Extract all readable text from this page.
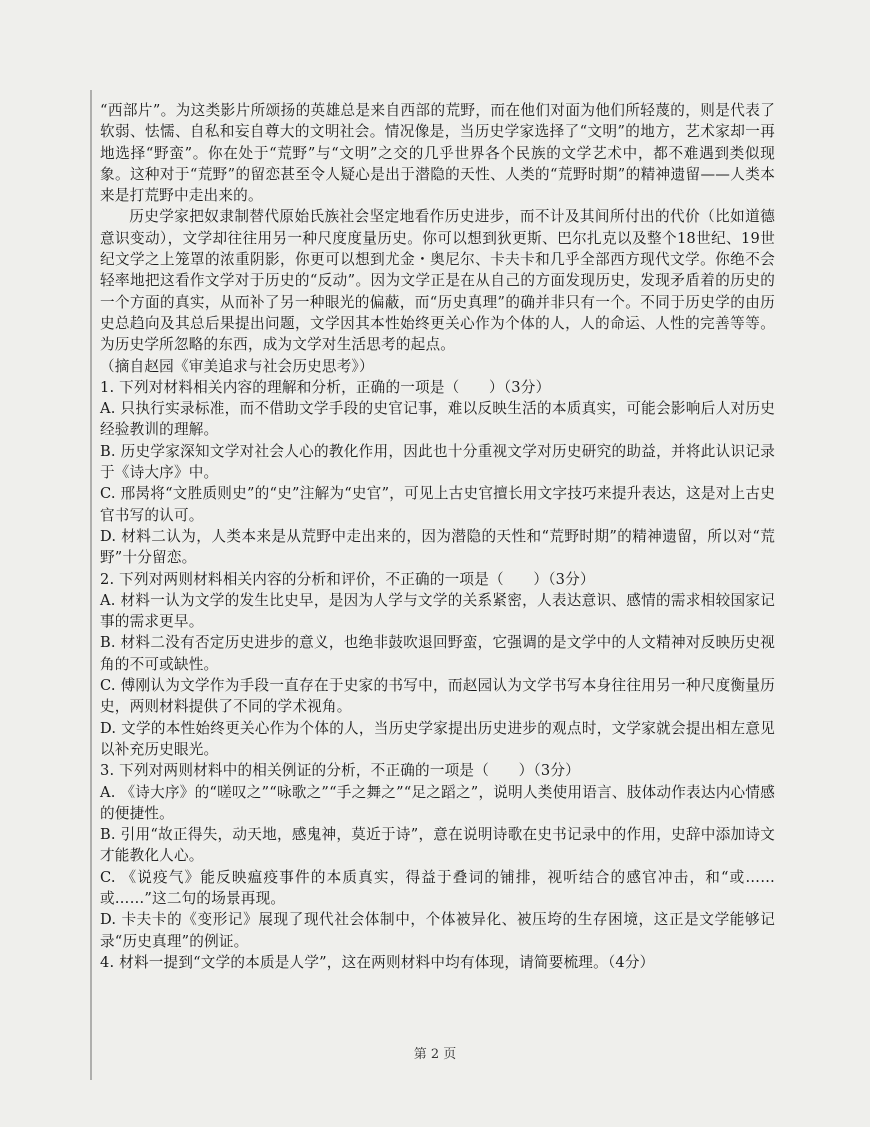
“西部片”。为这类影片所颂扬的英雄总是来自西部的荒野，而在他们对面为他们所轻蔑的，则是代表了软弱、怯懦、自私和妄自尊大的文明社会。情况像是，当历史学家选择了“文明”的地方，艺术家却一再地选择“野蛮”。你在处于“荒野”与“文明”之交的几乎世界各个民族的文学艺术中，都不难遇到类似现象。这种对于“荒野”的留恋甚至令人疑心是出于潜隐的天性、人类的“荒野时期”的精神遗留——人类本来是打荒野中走出来的。

历史学家把奴隶制替代原始氏族社会坚定地看作历史进步，而不计及其间所付出的代价（比如道德意识变动），文学却往往用另一种尺度度量历史。你可以想到狄更斯、巴尔扎克以及整个18世纪、19世纪文学之上笼罩的浓重阴影，你更可以想到尤金・奥尼尔、卡夫卡和几乎全部西方现代文学。你绝不会轻率地把这看作文学对于历史的“反动”。因为文学正是在从自己的方面发现历史，发现矛盾着的历史的一个方面的真实，从而补了另一种眼光的偏蔽，而“历史真理”的确并非只有一个。不同于历史学的由历史总趋向及其总后果提出问题，文学因其本性始终更关心作为个体的人，人的命运、人性的完善等等。为历史学所忽略的东西，成为文学对生活思考的起点。

（摘自赵园《审美追求与社会历史思考》）

1. 下列对材料相关内容的理解和分析，正确的一项是（　　）（3分）

A. 只执行实录标准，而不借助文学手段的史官记事，难以反映生活的本质真实，可能会影响后人对历史经验教训的理解。

B. 历史学家深知文学对社会人心的教化作用，因此也十分重视文学对历史研究的助益，并将此认识记录于《诗大序》中。

C. 邢昺将“文胜质则史”的“史”注解为“史官”，可见上古史官擅长用文字技巧来提升表达，这是对上古史官书写的认可。

D. 材料二认为，人类本来是从荒野中走出来的，因为潜隐的天性和“荒野时期”的精神遗留，所以对“荒野”十分留恋。

2. 下列对两则材料相关内容的分析和评价，不正确的一项是（　　）（3分）

A. 材料一认为文学的发生比史早，是因为人学与文学的关系紧密，人表达意识、感情的需求相较国家记事的需求更早。

B. 材料二没有否定历史进步的意义，也绝非鼓吹退回野蛮，它强调的是文学中的人文精神对反映历史视角的不可或缺性。

C. 傅刚认为文学作为手段一直存在于史家的书写中，而赵园认为文学书写本身往往用另一种尺度衡量历史，两则材料提供了不同的学术视角。

D. 文学的本性始终更关心作为个体的人，当历史学家提出历史进步的观点时，文学家就会提出相左意见以补充历史眼光。

3. 下列对两则材料中的相关例证的分析，不正确的一项是（　　）（3分）

A. 《诗大序》的“嗟叹之”“咏歌之”“手之舞之”“足之蹈之”，说明人类使用语言、肢体动作表达内心情感的便捷性。

B. 引用“故正得失，动天地，感鬼神，莫近于诗”，意在说明诗歌在史书记录中的作用，史辞中添加诗文才能教化人心。

C. 《说疫气》能反映瘟疫事件的本质真实，得益于叠词的铺排，视听结合的感官冲击，和“或……或……”这二句的场景再现。

D. 卡夫卡的《变形记》展现了现代社会体制中，个体被异化、被压垮的生存困境，这正是文学能够记录“历史真理”的例证。

4. 材料一提到“文学的本质是人学”，这在两则材料中均有体现，请简要梳理。（4分）

第 2 页
